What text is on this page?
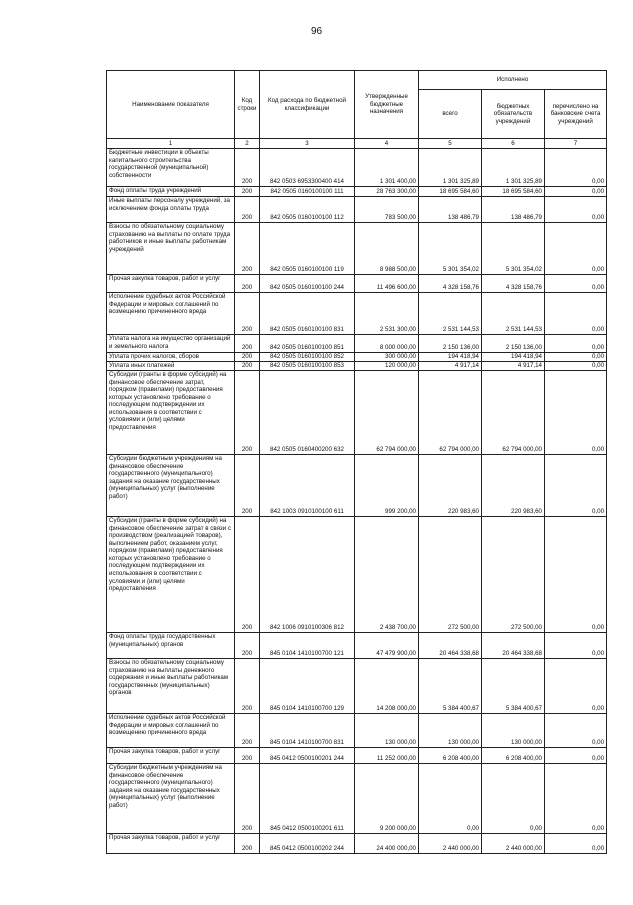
96
Наименование показателя	Код строки	Код расхода по бюджетной классификации	Утвержденные бюджетные назначения	Исполнено		
				всего	бюджетных обязательств учреждений	перечислено на банковские счета учреждений
1	2	3	4	5	6	7
Бюджетные инвестиции в объекты капитального строительства государственной (муниципальной) собственности	200	842 0503 6953300400 414	1 301 400,00	1 301 325,89	1 301 325,89	0,00
Фонд оплаты труда учреждений	200	842 0505 0160100100 111	28 763 300,00	18 695 584,60	18 695 584,60	0,00
Иные выплаты персоналу учреждений, за исключением фонда оплаты труда	200	842 0505 0160100100 112	783 500,00	138 486,79	138 486,79	0,00
Взносы по обязательному социальному страхованию на выплаты по оплате труда работников и иные выплаты работникам учреждений	200	842 0505 0160100100 119	8 988 500,00	5 301 354,02	5 301 354,02	0,00
Прочая закупка товаров, работ и услуг	200	842 0505 0160100100 244	11 496 600,00	4 328 158,76	4 328 158,76	0,00
Исполнение судебных актов Российской Федерации и мировых соглашений по возмещению причиненного вреда	200	842 0505 0160100100 831	2 531 300,00	2 531 144,53	2 531 144,53	0,00
Уплата налога на имущество организаций и земельного налога	200	842 0505 0160100100 851	8 000 000,00	2 150 136,00	2 150 136,00	0,00
Уплата прочих налогов, сборов	200	842 0505 0160100100 852	300 000,00	194 418,94	194 418,94	0,00
Уплата иных платежей	200	842 0505 0160100100 853	120 000,00	4 917,14	4 917,14	0,00
Субсидии (гранты в форме субсидий) на финансовое обеспечение затрат, порядком (правилами) предоставления которых установлено требование о последующем подтверждении их использования в соответствии с условиями и (или) целями предоставления	200	842 0505 0160400200 632	62 794 000,00	62 794 000,00	62 794 000,00	0,00
Субсидии бюджетным учреждениям на финансовое обеспечение государственного (муниципального) задания на оказание государственных (муниципальных) услуг (выполнение работ)	200	842 1003 0910100100 611	999 200,00	220 983,60	220 983,60	0,00
Субсидии (гранты в форме субсидий) на финансовое обеспечение затрат в связи с производством (реализацией товаров), выполнением работ, оказанием услуг, порядком (правилами) предоставления которых установлено требование о последующем подтверждении их использования в соответствии с условиями и (или) целями предоставления	200	842 1006 0910100306 812	2 438 700,00	272 500,00	272 500,00	0,00
Фонд оплаты труда государственных (муниципальных) органов	200	845 0104 1410100700 121	47 479 900,00	20 464 338,68	20 464 338,68	0,00
Взносы по обязательному социальному страхованию на выплаты денежного содержания и иные выплаты работникам государственных (муниципальных) органов	200	845 0104 1410100700 129	14 208 000,00	5 384 400,67	5 384 400,67	0,00
Исполнение судебных актов Российской Федерации и мировых соглашений по возмещению причиненного вреда	200	845 0104 1410100700 831	130 000,00	130 000,00	130 000,00	0,00
Прочая закупка товаров, работ и услуг	200	845 0412 0500100201 244	11 252 000,00	6 208 400,00	6 208 400,00	0,00
Субсидии бюджетным учреждениям на финансовое обеспечение государственного (муниципального) задания на оказание государственных (муниципальных) услуг (выполнение работ)	200	845 0412 0500100201 611	9 200 000,00	0,00	0,00	0,00
Прочая закупка товаров, работ и услуг	200	845 0412 0500100202 244	24 400 000,00	2 440 000,00	2 440 000,00	0,00
